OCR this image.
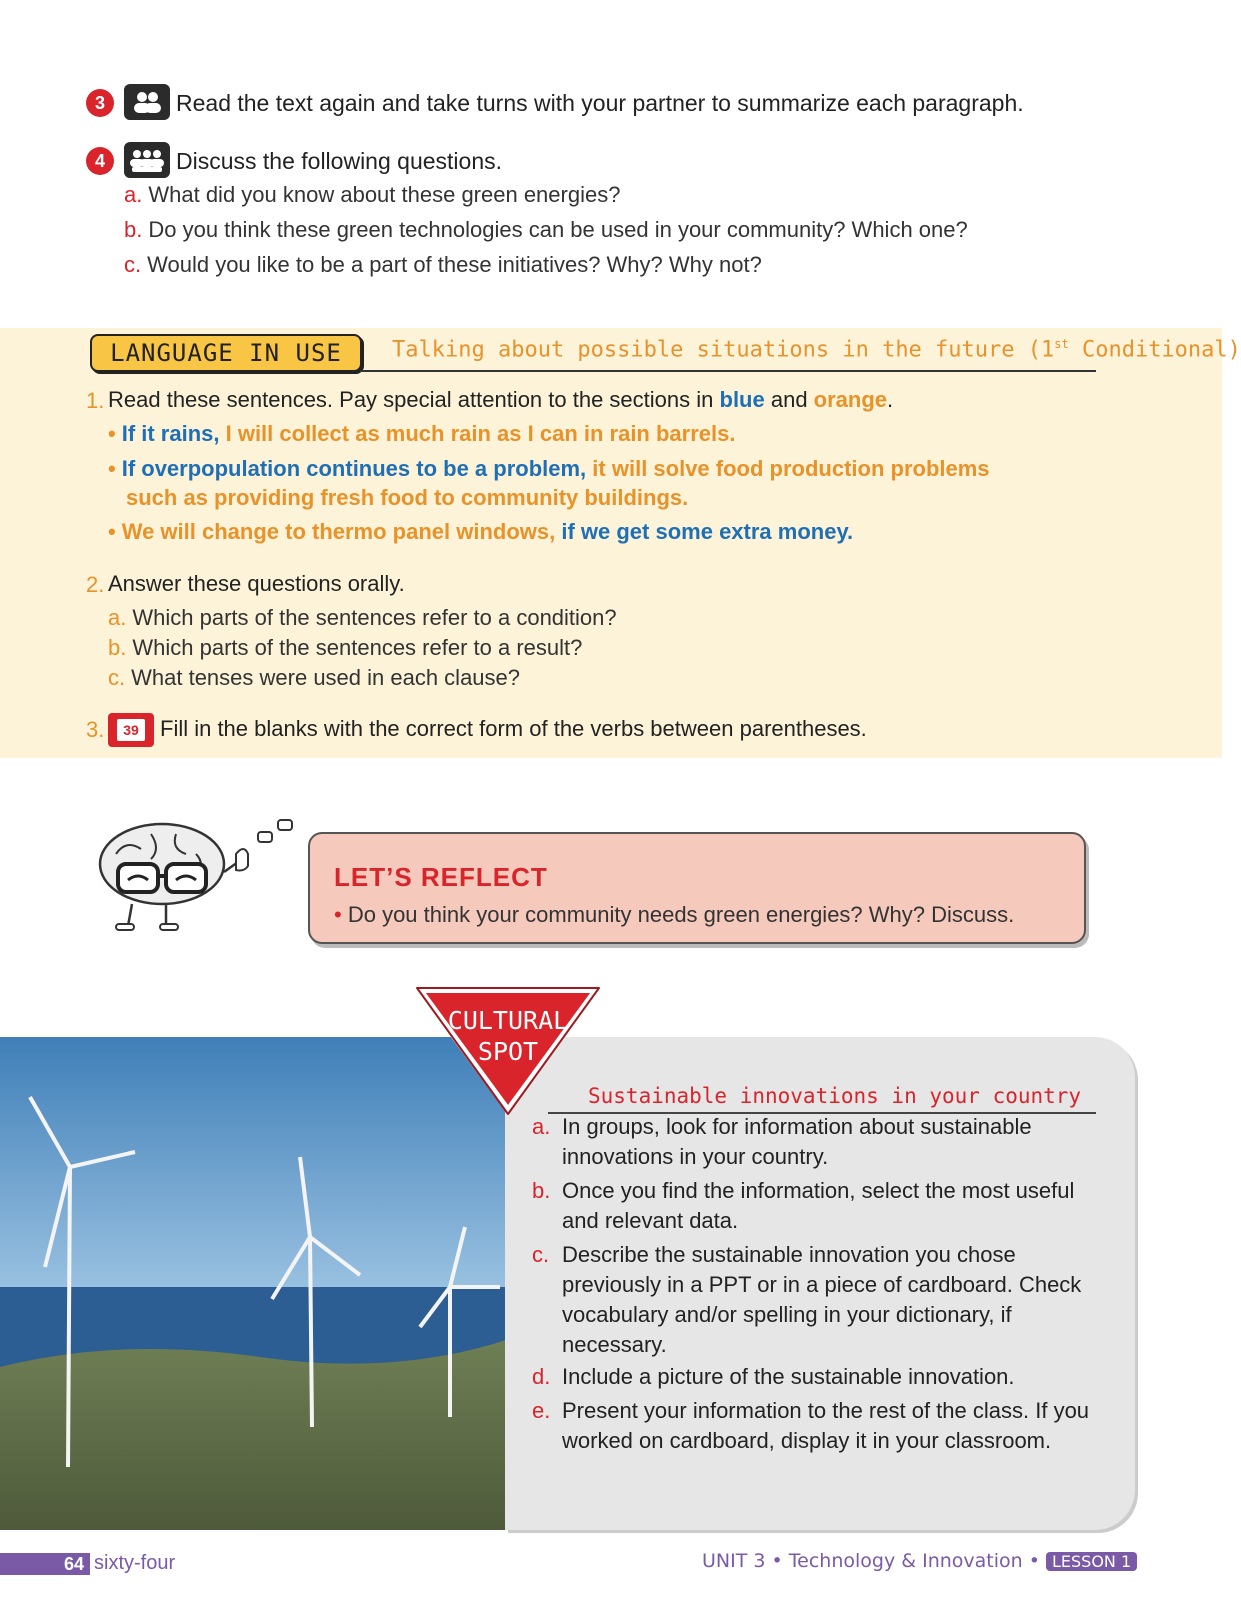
3	Read the text again and take turns with your partner to summarize each paragraph.
4	Discuss the following questions.
a. What did you know about these green energies?
b. Do you think these green technologies can be used in your community? Which one?
c. Would you like to be a part of these initiatives? Why? Why not?
LANGUAGE IN USE	Talking about possible situations in the future (1st Conditional)
1. Read these sentences. Pay special attention to the sections in blue and orange.
• If it rains, I will collect as much rain as I can in rain barrels.
• If overpopulation continues to be a problem, it will solve food production problems
such as providing fresh food to community buildings.
• We will change to thermo panel windows, if we get some extra money.
2. Answer these questions orally.
a. Which parts of the sentences refer to a condition?
b. Which parts of the sentences refer to a result?
c. What tenses were used in each clause?
3.	39 Fill in the blanks with the correct form of the verbs between parentheses.
LET’S REFLECT
• Do you think your community needs green energies? Why? Discuss.
CULTURAL
SPOT
Sustainable innovations in your country
a. In groups, look for information about sustainable innovations in your country.
b. Once you find the information, select the most useful and relevant data.
c. Describe the sustainable innovation you chose previously in a PPT or in a piece of cardboard. Check vocabulary and/or spelling in your dictionary, if necessary.
d. Include a picture of the sustainable innovation.
e. Present your information to the rest of the class. If you worked on cardboard, display it in your classroom.
64 sixty-four	UNIT 3 • Technology & Innovation • LESSON 1
